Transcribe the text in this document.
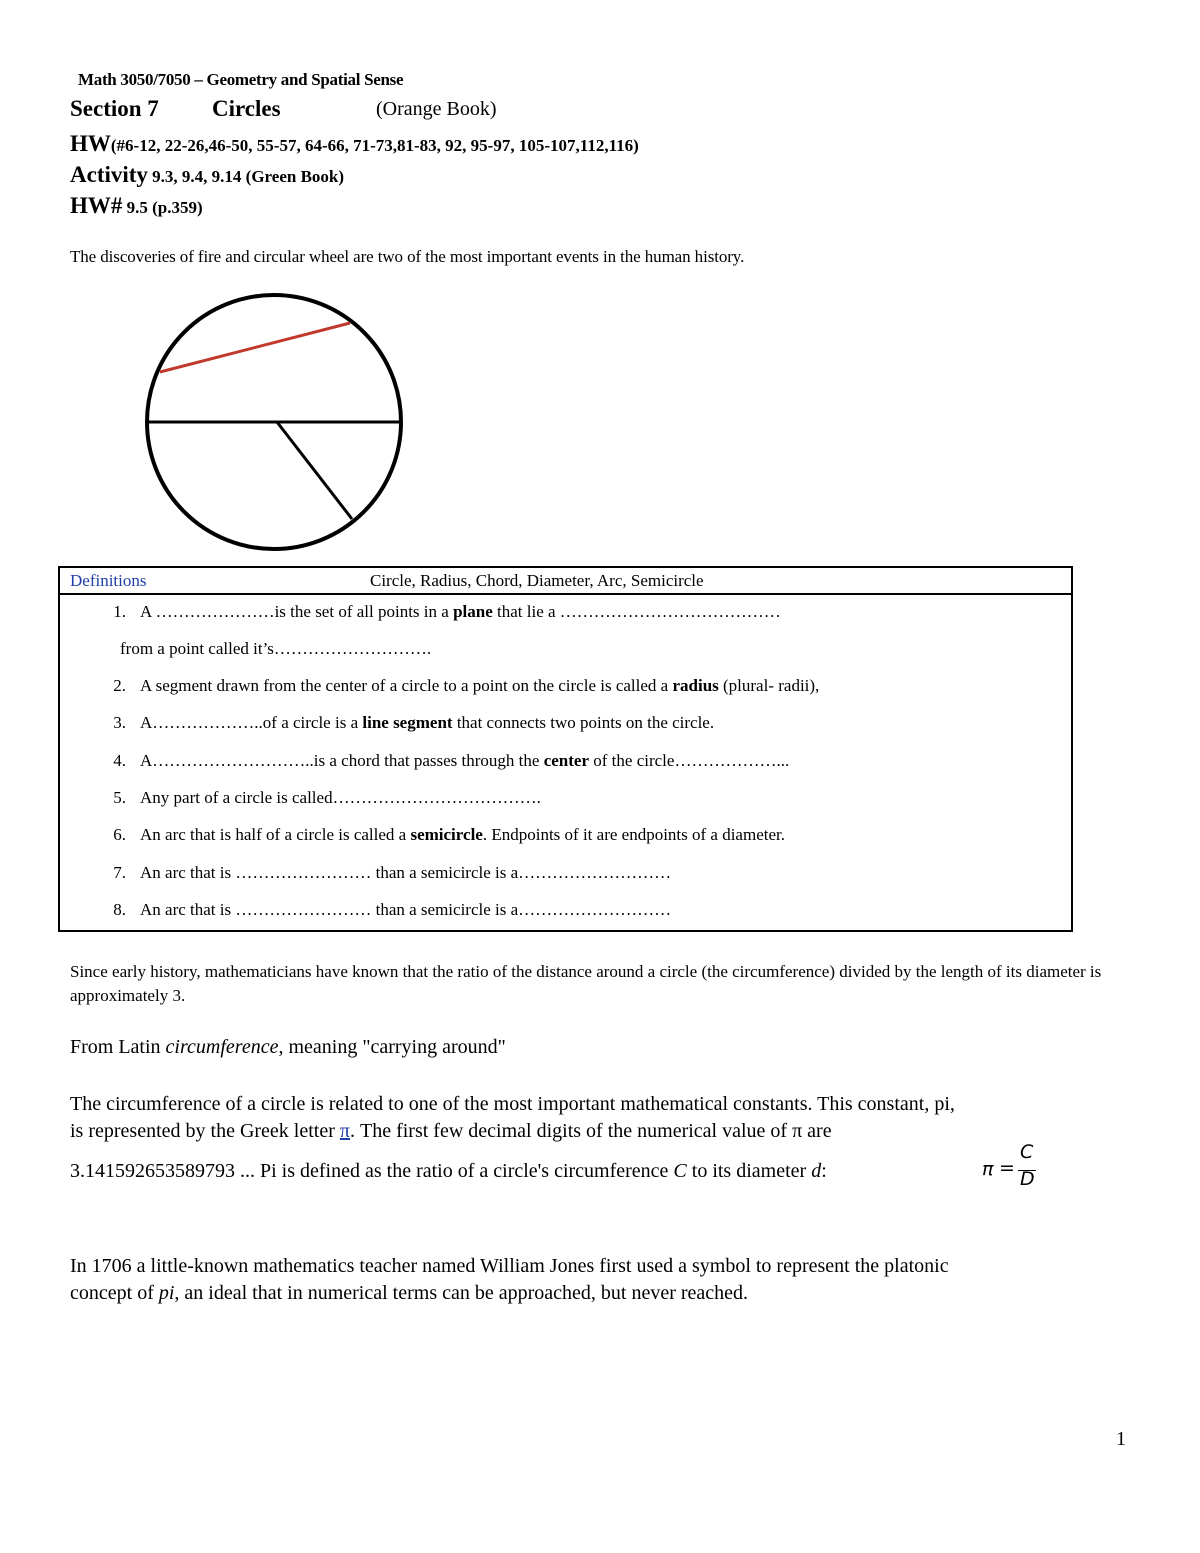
Math 3050/7050 – Geometry and Spatial Sense
Section 7 Circles	(Orange Book)
HW(#6-12, 22-26,46-50, 55-57, 64-66, 71-73,81-83, 92, 95-97, 105-107,112,116)
Activity 9.3, 9.4, 9.14 (Green Book)
HW# 9.5 (p.359)
The discoveries of fire and circular wheel are two of the most important events in the human history.
Definitions	Circle, Radius, Chord, Diameter, Arc, Semicircle
1. A …………………is the set of all points in a plane that lie a …………………………………
from a point called it’s……………………….
2. A segment drawn from the center of a circle to a point on the circle is called a radius (plural- radii),
3. A………………..of a circle is a line segment that connects two points on the circle.
4. A………………………..is a chord that passes through the center of the circle………………...
5. Any part of a circle is called……………………………….
6. An arc that is half of a circle is called a semicircle. Endpoints of it are endpoints of a diameter.
7. An arc that is …………………… than a semicircle is a………………………
8. An arc that is …………………… than a semicircle is a………………………
Since early history, mathematicians have known that the ratio of the distance around a circle (the circumference) divided by the length of its diameter is approximately 3.
From Latin circumference, meaning "carrying around"
The circumference of a circle is related to one of the most important mathematical constants. This constant, pi,
is represented by the Greek letter π. The first few decimal digits of the numerical value of π are
3.141592653589793 ... Pi is defined as the ratio of a circle's circumference C to its diameter d:	π =
C
D
In 1706 a little-known mathematics teacher named William Jones first used a symbol to represent the platonic
concept of pi, an ideal that in numerical terms can be approached, but never reached.
1
